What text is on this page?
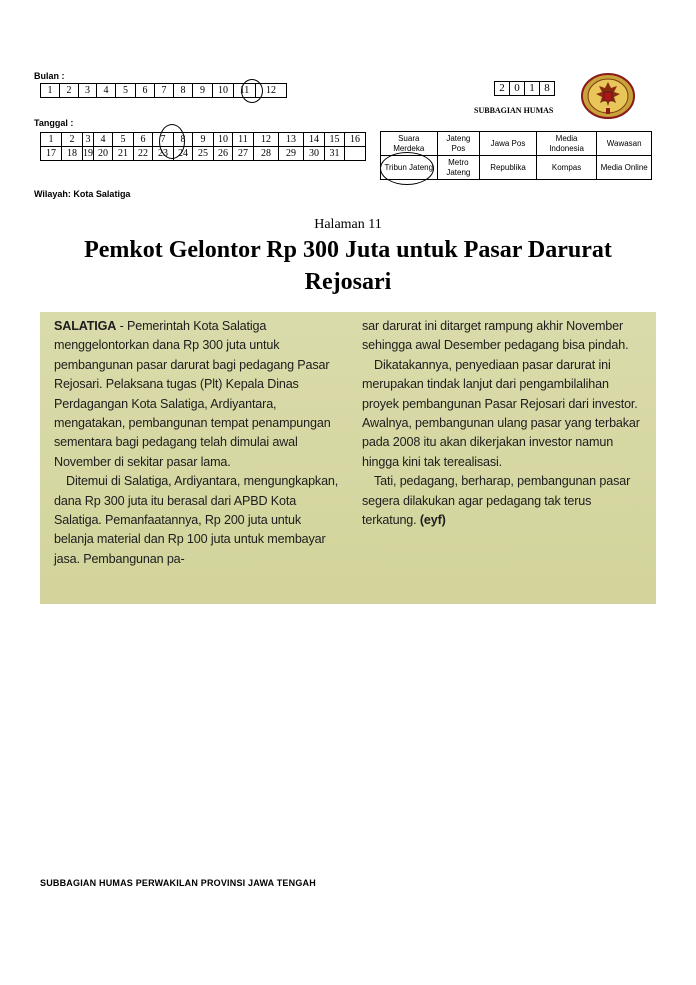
Bulan :
1	2	3	4	5	6	7	8	9	10	11	12
Tanggal :
1	2	3	4	5	6	7	8	9	10	11	12	13	14	15	16
17	18	19	20	21	22	23	24	25	26	27	28	29	30	31	
Wilayah: Kota Salatiga
2	0	1	8
SUBBAGIAN HUMAS
Suara Merdeka	Jateng Pos	Jawa Pos	Media Indonesia	Wawasan
Tribun Jateng	Metro Jateng	Republika	Kompas	Media Online
Halaman 11
Pemkot Gelontor Rp 300 Juta untuk Pasar Darurat Rejosari

SALATIGA - Pemerintah Kota Salatiga menggelontorkan dana Rp 300 juta untuk pembangunan pasar darurat bagi pedagang Pasar Rejosari. Pelaksana tugas (Plt) Kepala Dinas Perdagangan Kota Salatiga, Ardiyantara, mengatakan, pembangunan tempat penampungan sementara bagi pedagang telah dimulai awal November di sekitar pasar lama.

Ditemui di Salatiga, Ardiyantara, mengungkapkan, dana Rp 300 juta itu berasal dari APBD Kota Salatiga. Pemanfaatannya, Rp 200 juta untuk belanja material dan Rp 100 juta untuk membayar jasa. Pembangunan pa-

sar darurat ini ditarget rampung akhir November sehingga awal Desember pedagang bisa pindah.

Dikatakannya, penyediaan pasar darurat ini merupakan tindak lanjut dari pengambilalihan proyek pembangunan Pasar Rejosari dari investor. Awalnya, pembangunan ulang pasar yang terbakar pada 2008 itu akan dikerjakan investor namun hingga kini tak terealisasi.

Tati, pedagang, berharap, pembangunan pasar segera dilakukan agar pedagang tak terus terkatung. (eyf)

SUBBAGIAN HUMAS PERWAKILAN PROVINSI JAWA TENGAH
